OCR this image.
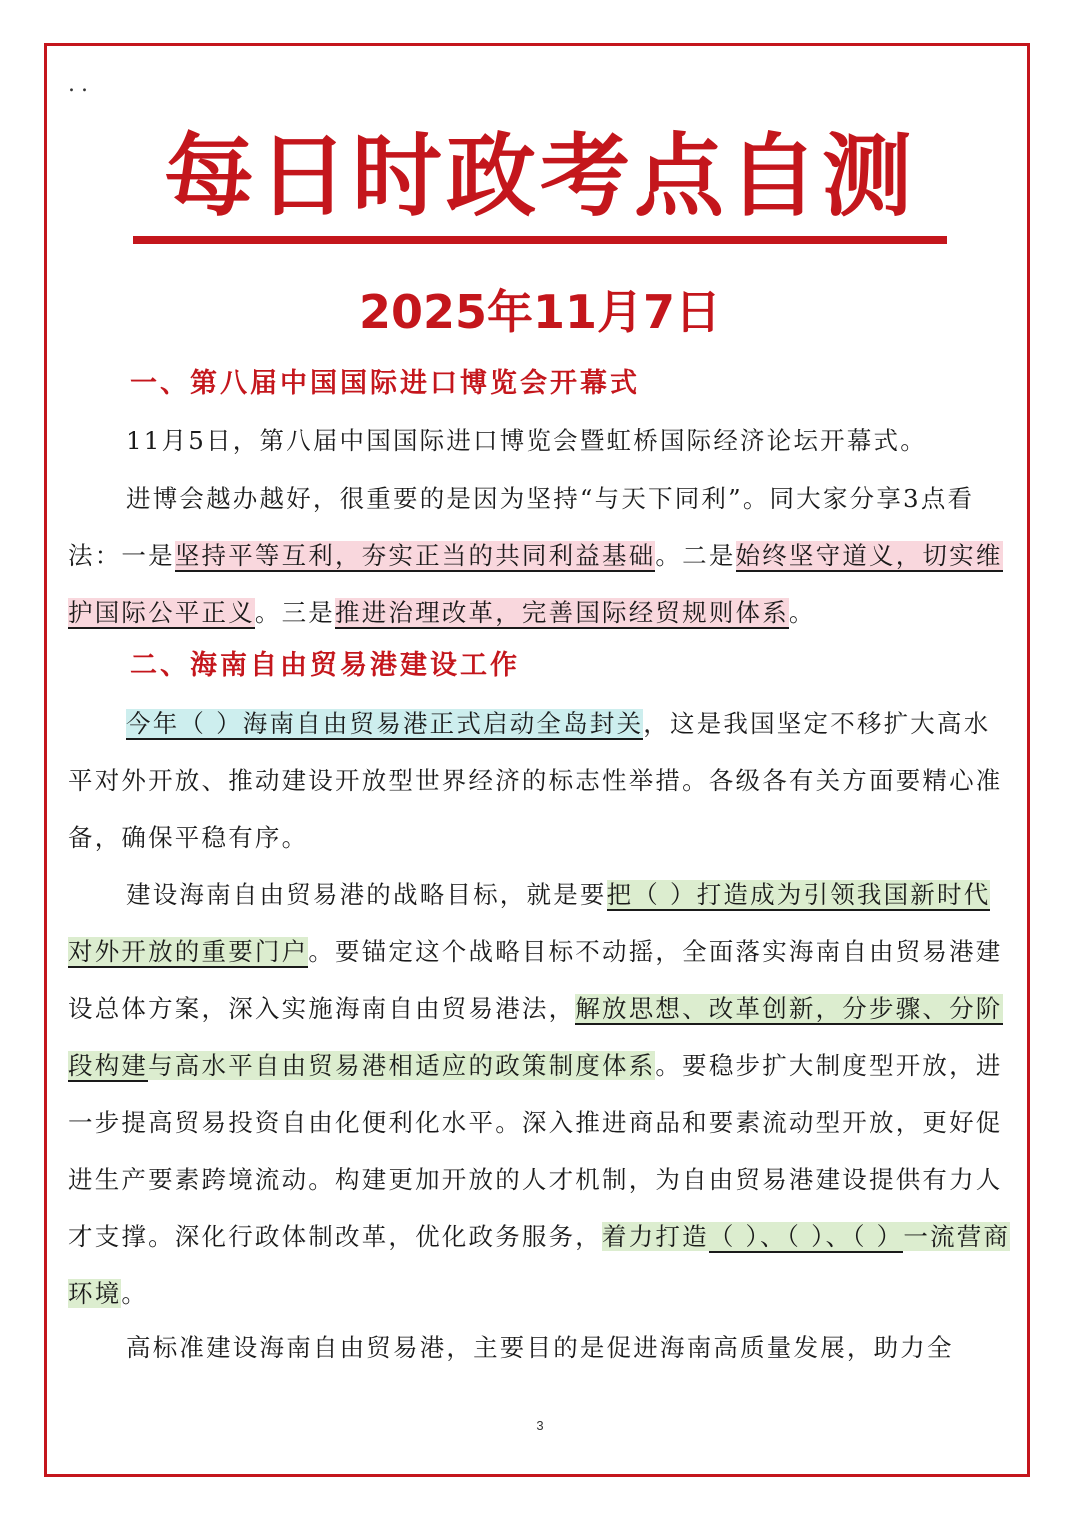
..
每日时政考点自测
2025年11月7日
一、第八届中国国际进口博览会开幕式

11月5日，第八届中国国际进口博览会暨虹桥国际经济论坛开幕式。

进博会越办越好，很重要的是因为坚持“与天下同利”。同大家分享3点看法：一是坚持平等互利，夯实正当的共同利益基础。二是始终坚守道义，切实维护国际公平正义。三是推进治理改革，完善国际经贸规则体系。

二、海南自由贸易港建设工作

今年（ ）海南自由贸易港正式启动全岛封关，这是我国坚定不移扩大高水平对外开放、推动建设开放型世界经济的标志性举措。各级各有关方面要精心准备，确保平稳有序。

建设海南自由贸易港的战略目标，就是要把（ ）打造成为引领我国新时代对外开放的重要门户。要锚定这个战略目标不动摇，全面落实海南自由贸易港建设总体方案，深入实施海南自由贸易港法，解放思想、改革创新，分步骤、分阶段构建与高水平自由贸易港相适应的政策制度体系。要稳步扩大制度型开放，进一步提高贸易投资自由化便利化水平。深入推进商品和要素流动型开放，更好促进生产要素跨境流动。构建更加开放的人才机制，为自由贸易港建设提供有力人才支撑。深化行政体制改革，优化政务服务，着力打造（ ）、（ ）、（ ）一流营商环境。

高标准建设海南自由贸易港，主要目的是促进海南高质量发展，助力全

3
